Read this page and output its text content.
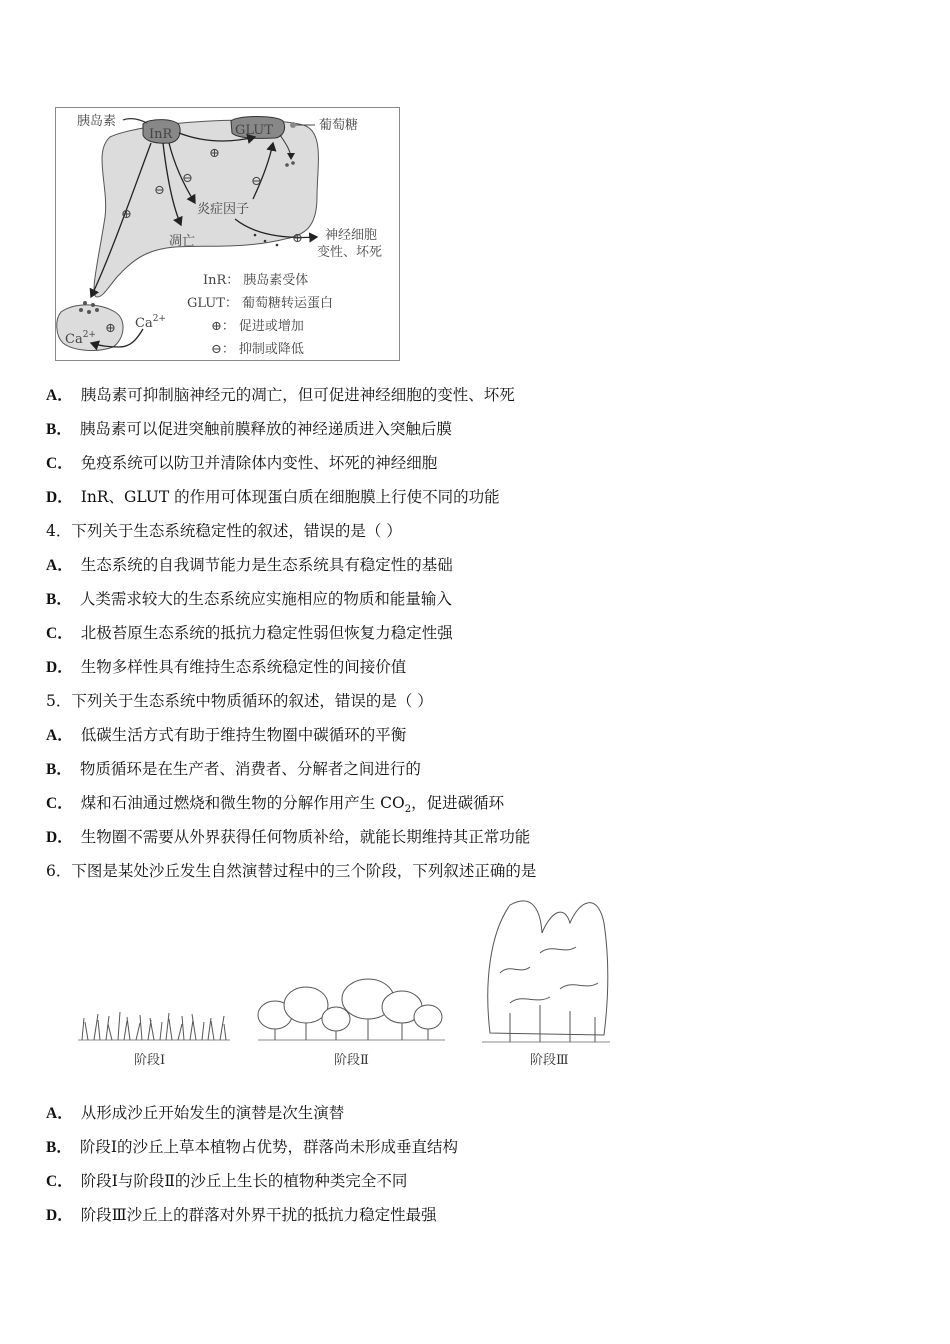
InR
胰岛素
GLUT	葡萄糖
⊕
⊖
⊖
⊕
⊖
炎症因子
凋亡	⊕ 神经细胞
变性、坏死
InR： 胰岛素受体
GLUT： 葡萄糖转运蛋白
⊕： 促进或增加
⊖： 抑制或降低
⊕ $Ca^{2+}$
$Ca^{2+}$
A． 胰岛素可抑制脑神经元的凋亡，但可促进神经细胞的变性、坏死
B． 胰岛素可以促进突触前膜释放的神经递质进入突触后膜
C． 免疫系统可以防卫并清除体内变性、坏死的神经细胞
D． InR、GLUT 的作用可体现蛋白质在细胞膜上行使不同的功能
4．下列关于生态系统稳定性的叙述，错误的是（ ）
A． 生态系统的自我调节能力是生态系统具有稳定性的基础
B． 人类需求较大的生态系统应实施相应的物质和能量输入
C． 北极苔原生态系统的抵抗力稳定性弱但恢复力稳定性强
D． 生物多样性具有维持生态系统稳定性的间接价值
5．下列关于生态系统中物质循环的叙述，错误的是（ ）
A． 低碳生活方式有助于维持生物圈中碳循环的平衡
B． 物质循环是在生产者、消费者、分解者之间进行的
C． 煤和石油通过燃烧和微生物的分解作用产生 $CO_2$，促进碳循环
D． 生物圈不需要从外界获得任何物质补给，就能长期维持其正常功能
6．下图是某处沙丘发生自然演替过程中的三个阶段，下列叙述正确的是
阶段Ⅰ	阶段Ⅱ	阶段Ⅲ
A． 从形成沙丘开始发生的演替是次生演替
B． 阶段Ⅰ的沙丘上草本植物占优势，群落尚未形成垂直结构
C． 阶段Ⅰ与阶段Ⅱ的沙丘上生长的植物种类完全不同
D． 阶段Ⅲ沙丘上的群落对外界干扰的抵抗力稳定性最强
